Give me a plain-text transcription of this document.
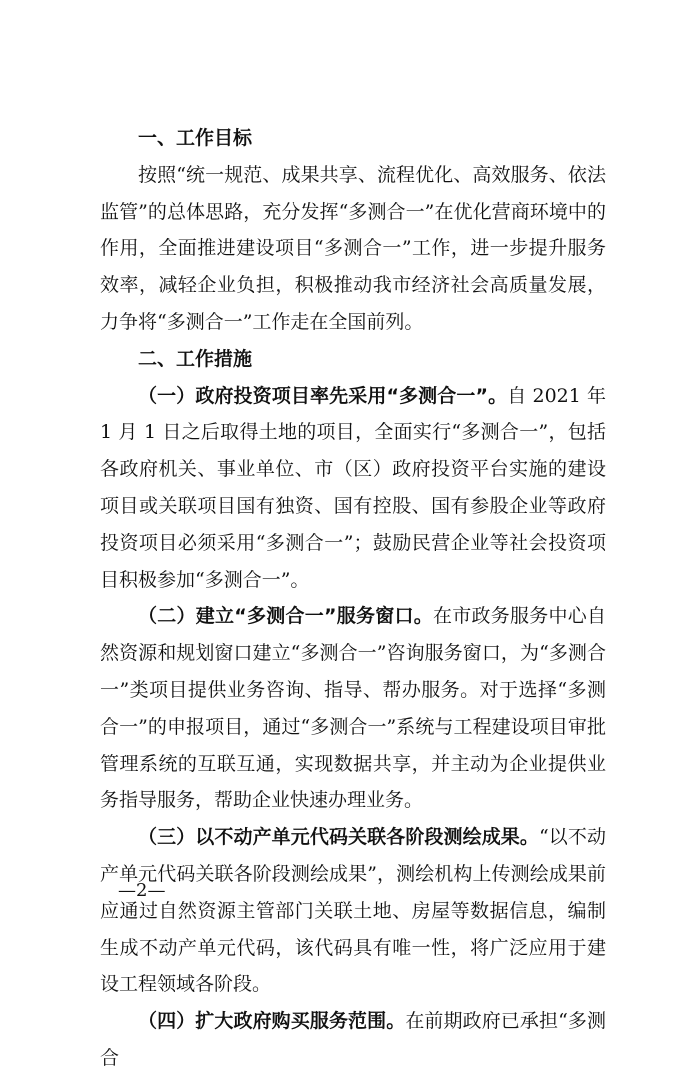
一、工作目标

按照“统一规范、成果共享、流程优化、高效服务、依法监管”的总体思路，充分发挥“多测合一”在优化营商环境中的作用，全面推进建设项目“多测合一”工作，进一步提升服务效率，减轻企业负担，积极推动我市经济社会高质量发展，力争将“多测合一”工作走在全国前列。

二、工作措施

（一）政府投资项目率先采用“多测合一”。自 2021 年 1 月 1 日之后取得土地的项目，全面实行“多测合一”，包括各政府机关、事业单位、市（区）政府投资平台实施的建设项目或关联项目国有独资、国有控股、国有参股企业等政府投资项目必须采用“多测合一”；鼓励民营企业等社会投资项目积极参加“多测合一”。

（二）建立“多测合一”服务窗口。在市政务服务中心自然资源和规划窗口建立“多测合一”咨询服务窗口，为“多测合一”类项目提供业务咨询、指导、帮办服务。对于选择“多测合一”的申报项目，通过“多测合一”系统与工程建设项目审批管理系统的互联互通，实现数据共享，并主动为企业提供业务指导服务，帮助企业快速办理业务。

（三）以不动产单元代码关联各阶段测绘成果。“以不动产单元代码关联各阶段测绘成果”，测绘机构上传测绘成果前应通过自然资源主管部门关联土地、房屋等数据信息，编制生成不动产单元代码，该代码具有唯一性，将广泛应用于建设工程领域各阶段。

（四）扩大政府购买服务范围。在前期政府已承担“多测合

—2—
